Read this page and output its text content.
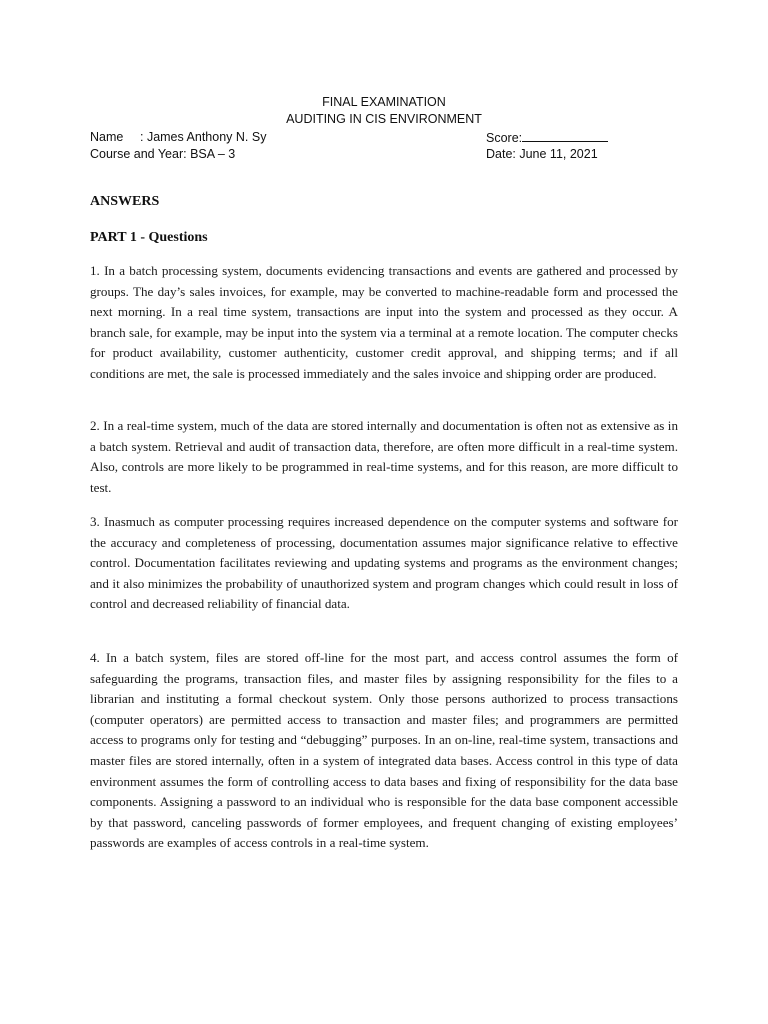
FINAL EXAMINATION
AUDITING IN CIS ENVIRONMENT
Name : James Anthony N. Sy	Score:
Course and Year: BSA – 3	Date: June 11, 2021
ANSWERS
PART 1 - Questions

1. In a batch processing system, documents evidencing transactions and events are gathered and processed by groups. The day’s sales invoices, for example, may be converted to machine-readable form and processed the next morning. In a real time system, transactions are input into the system and processed as they occur. A branch sale, for example, may be input into the system via a terminal at a remote location. The computer checks for product availability, customer authenticity, customer credit approval, and shipping terms; and if all conditions are met, the sale is processed immediately and the sales invoice and shipping order are produced.

2. In a real-time system, much of the data are stored internally and documentation is often not as extensive as in a batch system. Retrieval and audit of transaction data, therefore, are often more difficult in a real-time system. Also, controls are more likely to be programmed in real-time systems, and for this reason, are more difficult to test.

3. Inasmuch as computer processing requires increased dependence on the computer systems and software for the accuracy and completeness of processing, documentation assumes major significance relative to effective control. Documentation facilitates reviewing and updating systems and programs as the environment changes; and it also minimizes the probability of unauthorized system and program changes which could result in loss of control and decreased reliability of financial data.

4. In a batch system, files are stored off-line for the most part, and access control assumes the form of safeguarding the programs, transaction files, and master files by assigning responsibility for the files to a librarian and instituting a formal checkout system. Only those persons authorized to process transactions (computer operators) are permitted access to transaction and master files; and programmers are permitted access to programs only for testing and “debugging” purposes. In an on-line, real-time system, transactions and master files are stored internally, often in a system of integrated data bases. Access control in this type of data environment assumes the form of controlling access to data bases and fixing of responsibility for the data base components. Assigning a password to an individual who is responsible for the data base component accessible by that password, canceling passwords of former employees, and frequent changing of existing employees’ passwords are examples of access controls in a real-time system.
